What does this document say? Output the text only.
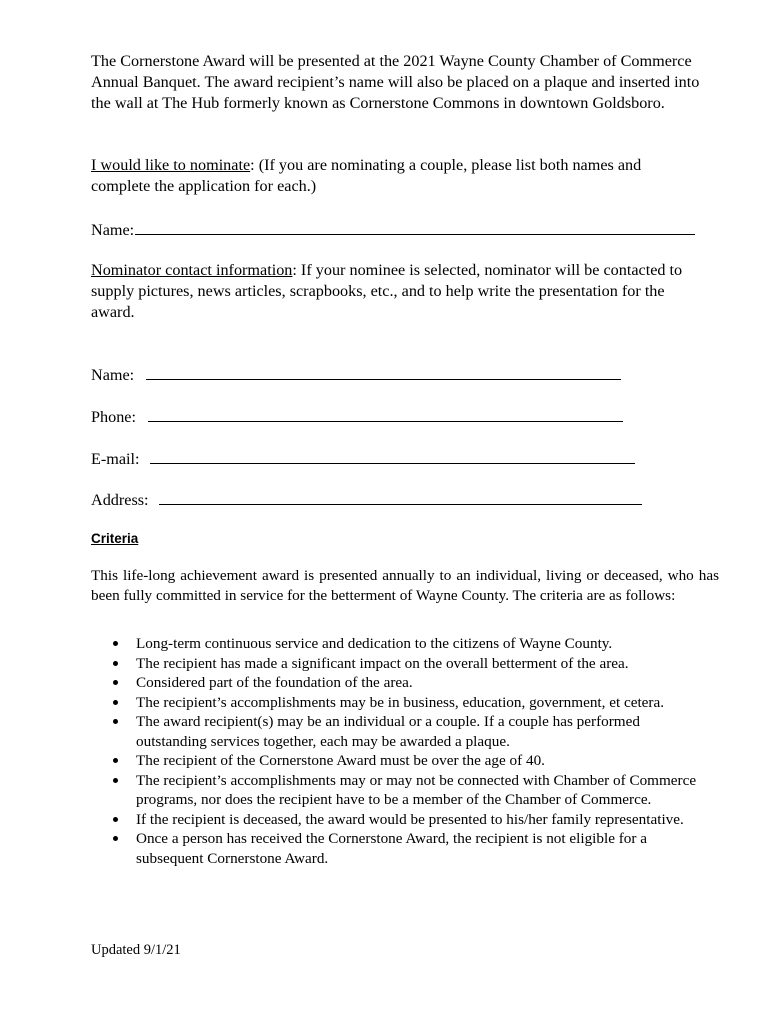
The Cornerstone Award will be presented at the 2021 Wayne County Chamber of Commerce Annual Banquet. The award recipient’s name will also be placed on a plaque and inserted into the wall at The Hub formerly known as Cornerstone Commons in downtown Goldsboro.

I would like to nominate: (If you are nominating a couple, please list both names and complete the application for each.)

Name:

Nominator contact information: If your nominee is selected, nominator will be contacted to supply pictures, news articles, scrapbooks, etc., and to help write the presentation for the award.

Name:
Phone:
E-mail:
Address:
Criteria

This life-long achievement award is presented annually to an individual, living or deceased, who has been fully committed in service for the betterment of Wayne County. The criteria are as follows:

Long-term continuous service and dedication to the citizens of Wayne County.
The recipient has made a significant impact on the overall betterment of the area.
Considered part of the foundation of the area.
The recipient’s accomplishments may be in business, education, government, et cetera.
The award recipient(s) may be an individual or a couple. If a couple has performed outstanding services together, each may be awarded a plaque.
The recipient of the Cornerstone Award must be over the age of 40.
The recipient’s accomplishments may or may not be connected with Chamber of Commerce programs, nor does the recipient have to be a member of the Chamber of Commerce.
If the recipient is deceased, the award would be presented to his/her family representative.
Once a person has received the Cornerstone Award, the recipient is not eligible for a subsequent Cornerstone Award.
Updated 9/1/21
